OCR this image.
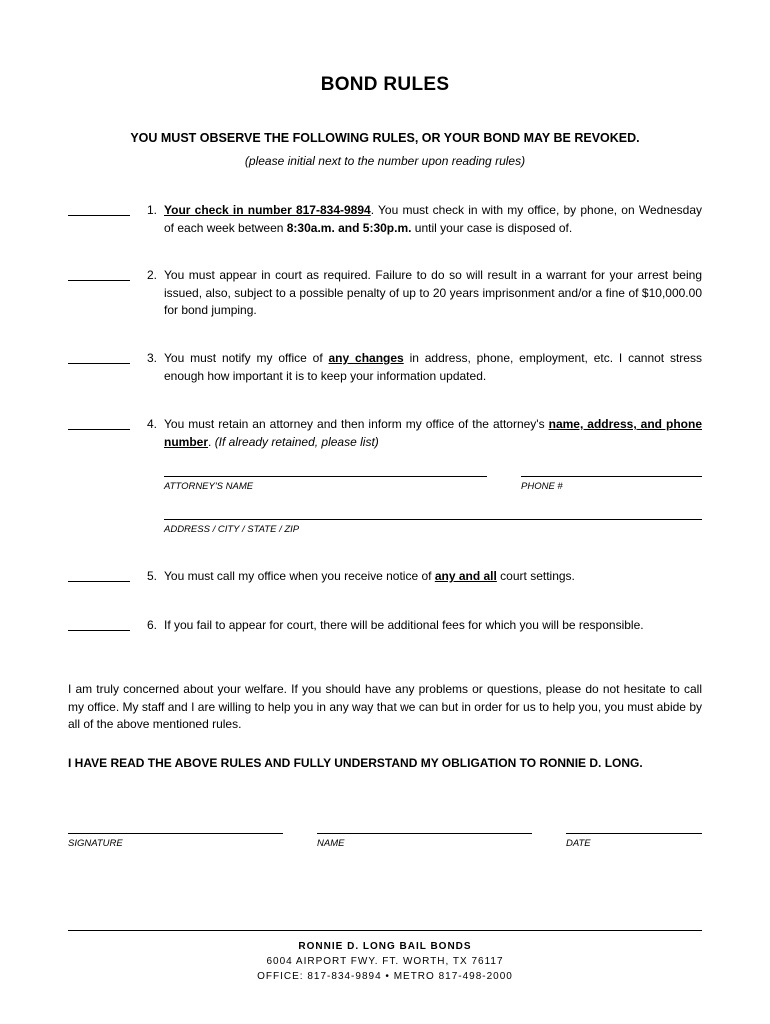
BOND RULES
YOU MUST OBSERVE THE FOLLOWING RULES, OR YOUR BOND MAY BE REVOKED.
(please initial next to the number upon reading rules)
1. Your check in number 817-834-9894. You must check in with my office, by phone, on Wednesday of each week between 8:30a.m. and 5:30p.m. until your case is disposed of.
2. You must appear in court as required. Failure to do so will result in a warrant for your arrest being issued, also, subject to a possible penalty of up to 20 years imprisonment and/or a fine of $10,000.00 for bond jumping.
3. You must notify my office of any changes in address, phone, employment, etc. I cannot stress enough how important it is to keep your information updated.
4. You must retain an attorney and then inform my office of the attorney's name, address, and phone number. (If already retained, please list)
ATTORNEY'S NAME	PHONE #
ADDRESS / CITY / STATE / ZIP
5. You must call my office when you receive notice of any and all court settings.
6. If you fail to appear for court, there will be additional fees for which you will be responsible.
I am truly concerned about your welfare. If you should have any problems or questions, please do not hesitate to call my office. My staff and I are willing to help you in any way that we can but in order for us to help you, you must abide by all of the above mentioned rules.
I HAVE READ THE ABOVE RULES AND FULLY UNDERSTAND MY OBLIGATION TO RONNIE D. LONG.
SIGNATURE	NAME	DATE
RONNIE D. LONG BAIL BONDS
6004 AIRPORT FWY. FT. WORTH, TX 76117
OFFICE: 817-834-9894 • METRO 817-498-2000
